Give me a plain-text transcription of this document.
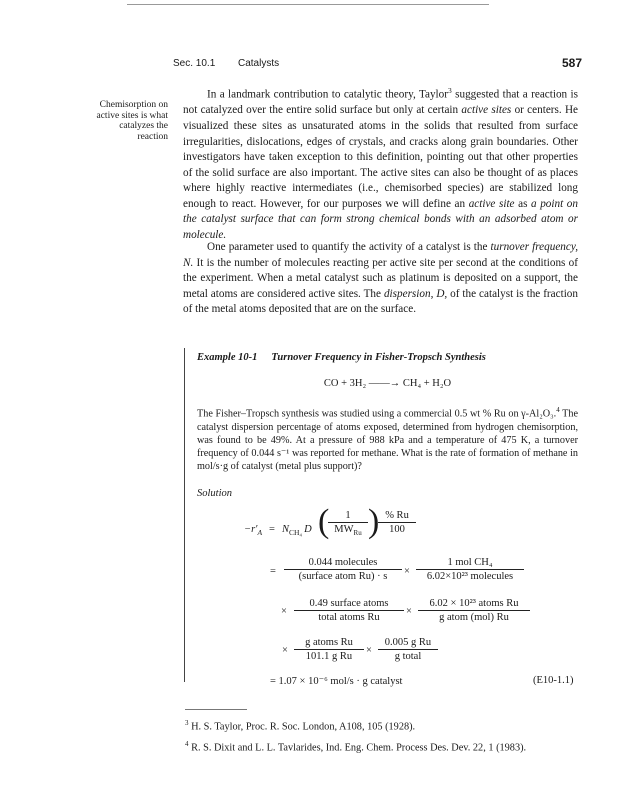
Sec. 10.1 Catalysts	587
Chemisorption on
active sites is what
catalyzes the
reaction

In a landmark contribution to catalytic theory, Taylor$^3$ suggested that a reaction is not catalyzed over the entire solid surface but only at certain active sites or centers. He visualized these sites as unsaturated atoms in the solids that resulted from surface irregularities, dislocations, edges of crystals, and cracks along grain boundaries. Other investigators have taken exception to this definition, pointing out that other properties of the solid surface are also important. The active sites can also be thought of as places where highly reactive intermediates (i.e., chemisorbed species) are stabilized long enough to react. However, for our purposes we will define an active site as a point on the catalyst surface that can form strong chemical bonds with an adsorbed atom or molecule.

One parameter used to quantify the activity of a catalyst is the turnover frequency, N. It is the number of molecules reacting per active site per second at the conditions of the experiment. When a metal catalyst such as platinum is deposited on a support, the metal atoms are considered active sites. The dispersion, D, of the catalyst is the fraction of the metal atoms deposited that are on the surface.

Example 10-1 Turnover Frequency in Fisher-Tropsch Synthesis
CO + 3H₂ ——→ CH₄ + H₂O

The Fisher–Tropsch synthesis was studied using a commercial 0.5 wt % Ru on γ-Al₂O₃.$^4$ The catalyst dispersion percentage of atoms exposed, determined from hydrogen chemisorption, was found to be 49%. At a pressure of 988 kPa and a temperature of 475 K, a turnover frequency of 0.044 s⁻¹ was reported for methane. What is the rate of formation of methane in mol/s·g of catalyst (metal plus support)?

Solution
$-r'_A = N_{CH_4}$ D (	1
$MW_{Ru}$ )
$\frac{\% Ru}{100}$
=
0.044 molecules
(surface atom Ru) · s	×
1 mol CH₄
6.02×10²³ molecules
×
0.49 surface atoms
total atoms Ru
×
6.02 × 10²³ atoms Ru
g atom (mol) Ru
×
g atoms Ru
101.1 g Ru
×
0.005 g Ru
g total
= 1.07 × 10⁻⁶ mol/s · g catalyst	(E10-1.1)
$^3$ H. S. Taylor, Proc. R. Soc. London, A108, 105 (1928).
$^4$ R. S. Dixit and L. L. Tavlarides, Ind. Eng. Chem. Process Des. Dev. 22, 1 (1983).
